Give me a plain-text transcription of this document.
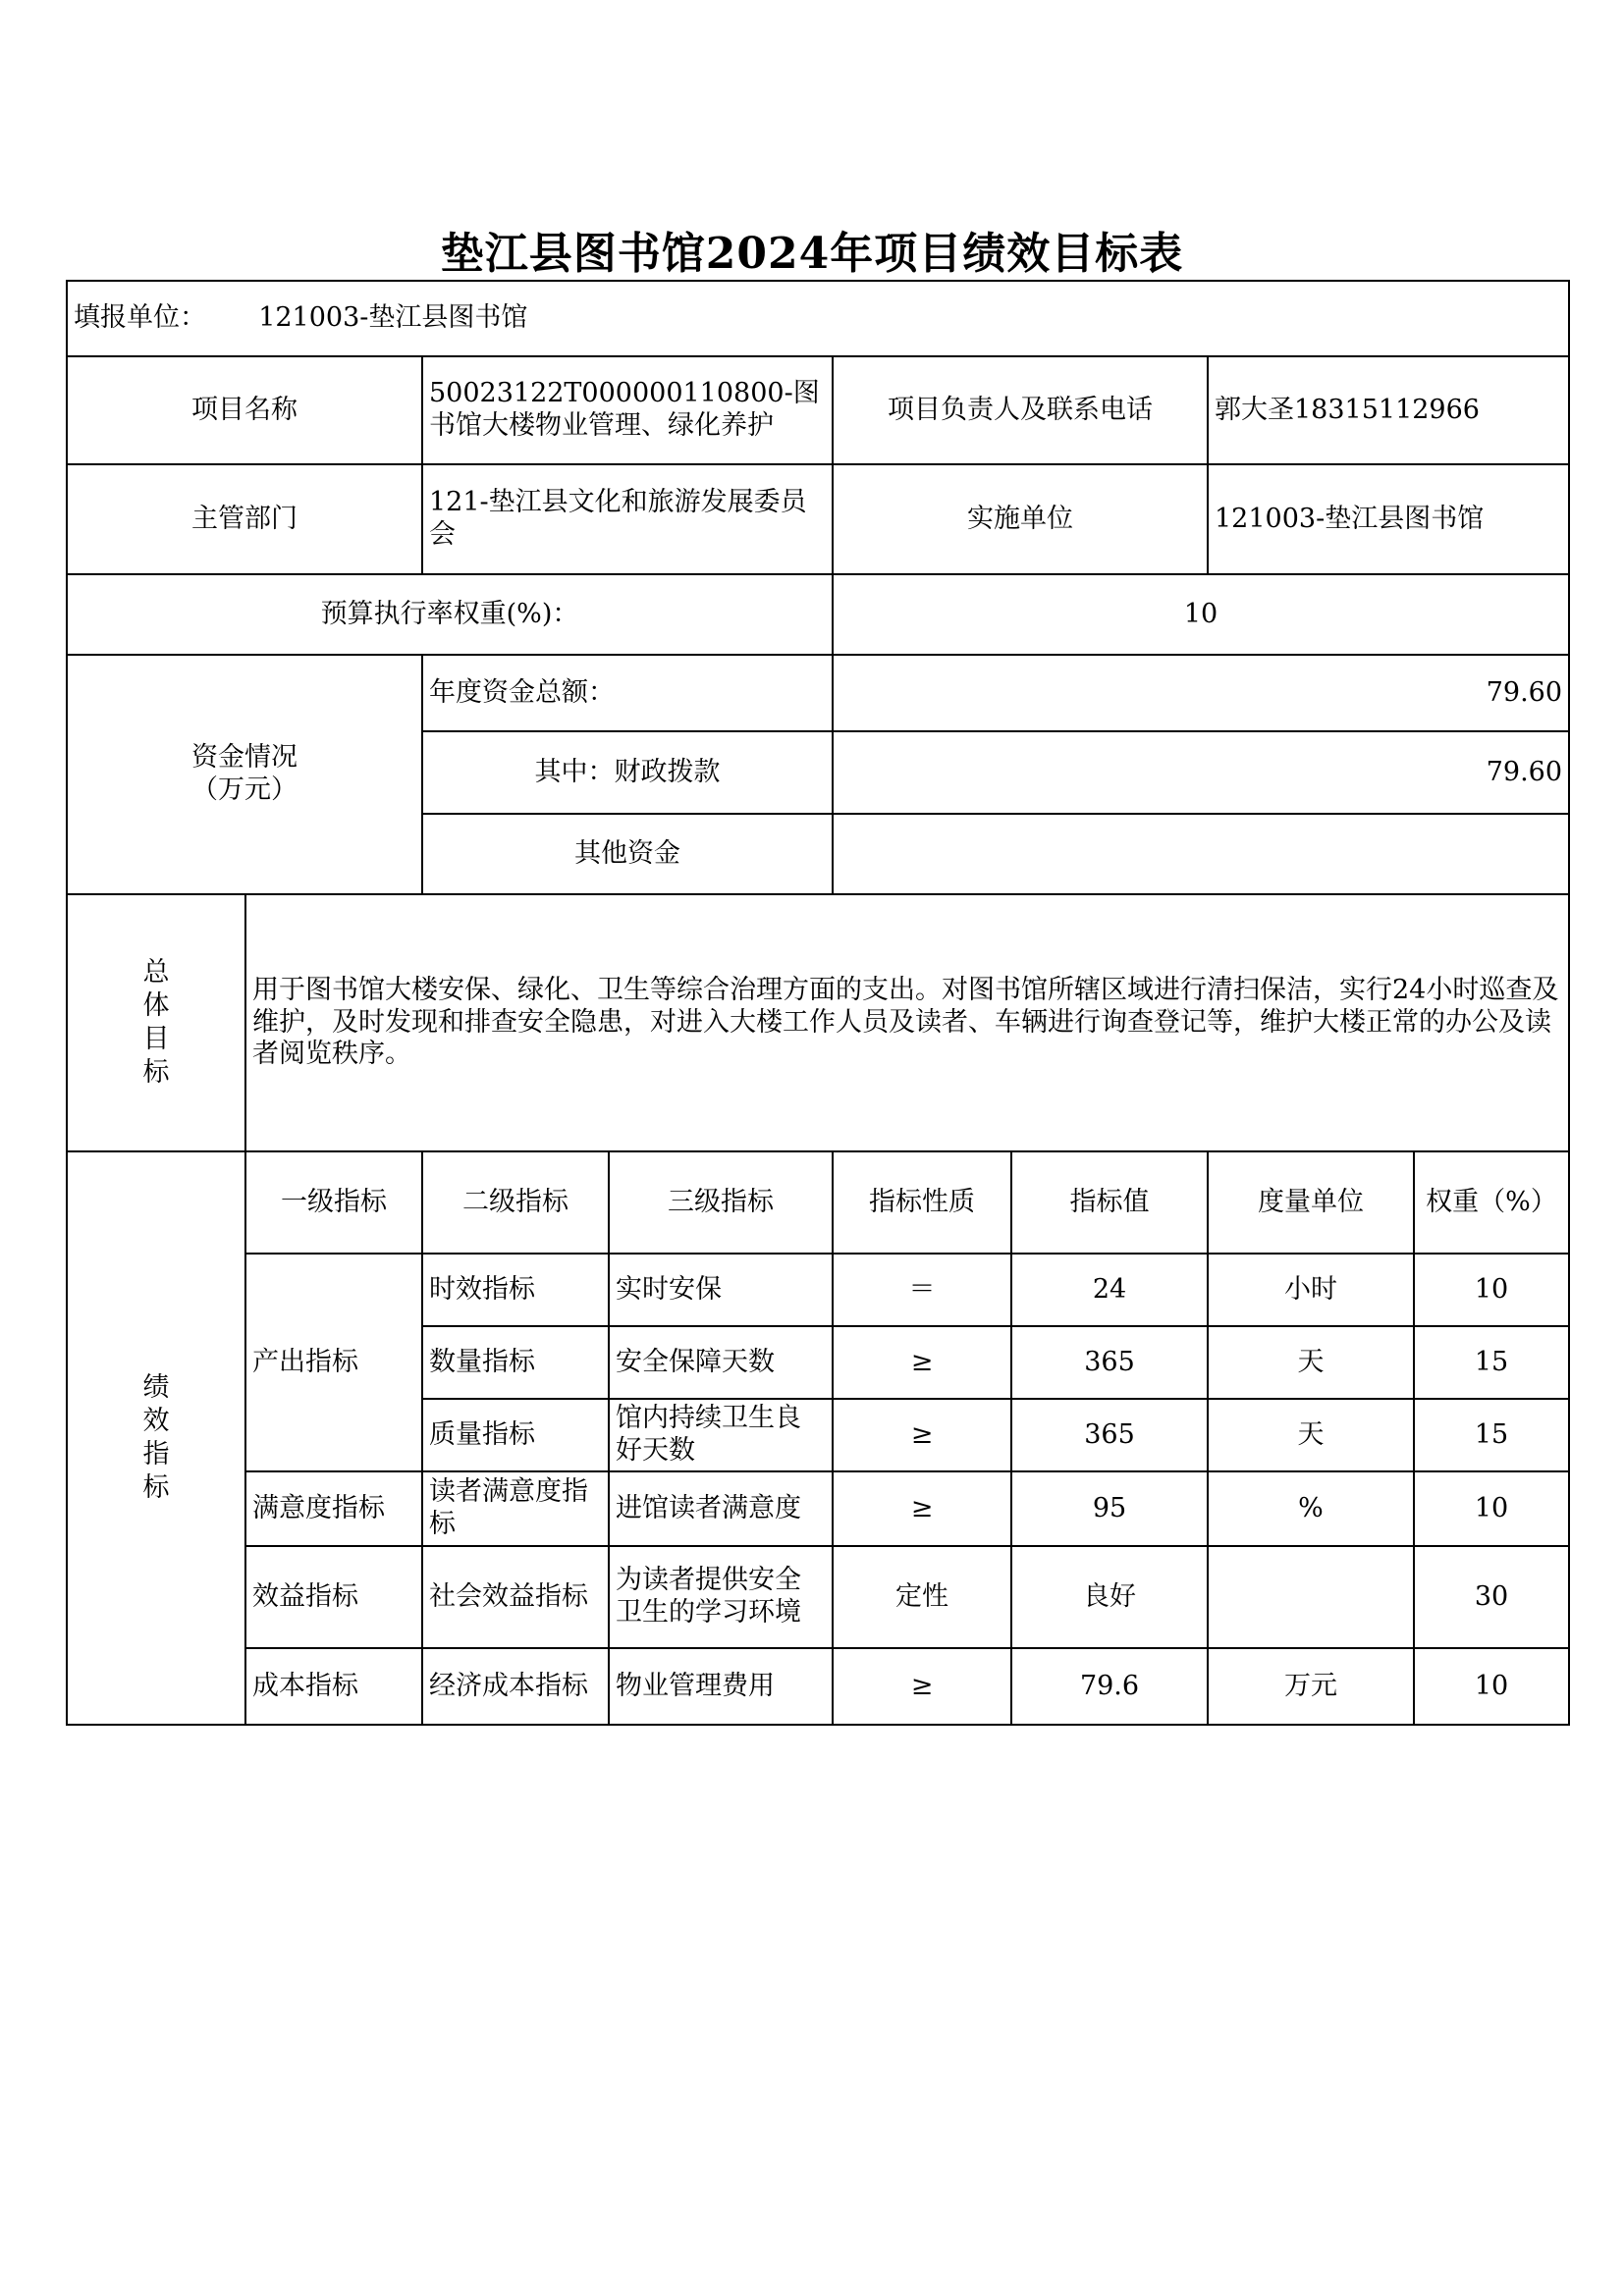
垫江县图书馆2024年项目绩效目标表
填报单位： 121003-垫江县图书馆							
项目名称		50023122T000000110800-图书馆大楼物业管理、绿化养护		项目负责人及联系电话		郭大圣18315112966	
主管部门		121-垫江县文化和旅游发展委员会		实施单位		121003-垫江县图书馆	
预算执行率权重(%)：				10			
资金情况（万元）		年度资金总额：		79.60			
		其中：财政拨款		79.60			
		其他资金					
总体目标	用于图书馆大楼安保、绿化、卫生等综合治理方面的支出。对图书馆所辖区域进行清扫保洁，实行24小时巡查及维护，及时发现和排查安全隐患，对进入大楼工作人员及读者、车辆进行询查登记等，维护大楼正常的办公及读者阅览秩序。						
绩效指标	一级指标	二级指标	三级指标	指标性质	指标值	度量单位	权重（%）
	产出指标	时效指标	实时安保	＝	24	小时	10
		数量指标	安全保障天数	≥	365	天	15
		质量指标	馆内持续卫生良好天数	≥	365	天	15
	满意度指标	读者满意度指标	进馆读者满意度	≥	95	%	10
	效益指标	社会效益指标	为读者提供安全卫生的学习环境	定性	良好		30
	成本指标	经济成本指标	物业管理费用	≥	79.6	万元	10
